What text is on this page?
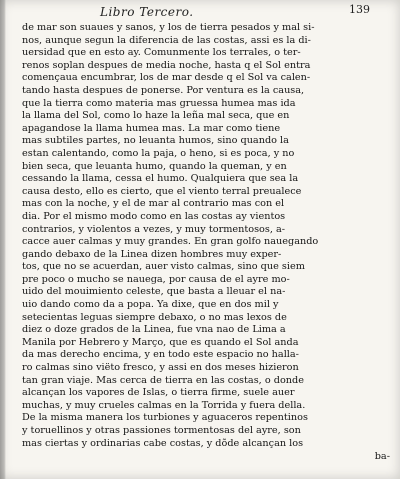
Libro Tercero.	139
de mar son suaues y sanos, y los de tierra pesados y mal si-
nos, aunque segun la diferencia de las costas, assi es la di-
uersidad que en esto ay. Comunmente los terrales, o ter-
renos soplan despues de media noche, hasta q el Sol entra
començaua encumbrar, los de mar desde q el Sol va calen-
tando hasta despues de ponerse. Por ventura es la causa,
que la tierra como materia mas gruessa humea mas ida
la llama del Sol, como lo haze la leña mal seca, que en
apagandose la llama humea mas. La mar como tiene
mas subtiles partes, no leuanta humos, sino quando la
estan calentando, como la paja, o heno, si es poca, y no
bien seca, que leuanta humo, quando la queman, y en
cessando la llama, cessa el humo. Qualquiera que sea la
causa desto, ello es cierto, que el viento terral preualece
mas con la noche, y el de mar al contrario mas con el
dia. Por el mismo modo como en las costas ay vientos
contrarios, y violentos a vezes, y muy tormentosos, a-
cacce auer calmas y muy grandes. En gran golfo nauegando
gando debaxo de la Linea dizen hombres muy exper-
tos, que no se acuerdan, auer visto calmas, sino que siem
pre poco o mucho se nauega, por causa de el ayre mo-
uido del mouimiento celeste, que basta a lleuar el na-
uio dando como da a popa. Ya dixe, que en dos mil y
setecientas leguas siempre debaxo, o no mas lexos de
diez o doze grados de la Linea, fue vna nao de Lima a
Manila por Hebrero y Março, que es quando el Sol anda
da mas derecho encima, y en todo este espacio no halla-
ro calmas sino viëto fresco, y assi en dos meses hizieron
tan gran viaje. Mas cerca de tierra en las costas, o donde
alcançan los vapores de Islas, o tierra firme, suele auer
muchas, y muy crueles calmas en la Torrida y fuera della.
De la misma manera los turbiones y aguaceros repentinos
y toruellinos y otras passiones tormentosas del ayre, son
mas ciertas y ordinarias cabe costas, y dõde alcançan los
ba-
